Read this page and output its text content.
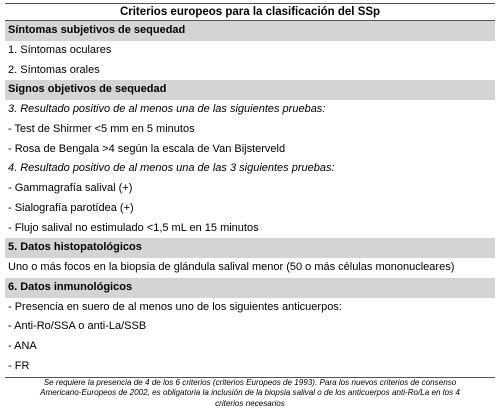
Criterios europeos para la clasificación del SSp
Síntomas subjetivos de sequedad
1. Síntomas oculares
2. Síntomas orales
Signos objetivos de sequedad
3. Resultado positivo de al menos una de las siguientes pruebas:
- Test de Shirmer <5 mm en 5 minutos
- Rosa de Bengala >4 según la escala de Van Bijsterveld
4. Resultado positivo de al menos una de las 3 siguientes pruebas:
- Gammagrafía salival (+)
- Sialografía parotídea (+)
- Flujo salival no estimulado <1,5 mL en 15 minutos
5. Datos histopatológicos
Uno o más focos en la biopsia de glándula salival menor (50 o más células mononucleares)
6. Datos inmunológicos
- Presencia en suero de al menos uno de los siguientes anticuerpos:
- Anti-Ro/SSA o anti-La/SSB
- ANA
- FR
Se requiere la presencia de 4 de los 6 criterios (criterios Europeos de 1993). Para los nuevos criterios de consenso
Americano-Europeos de 2002, es obligatoria la inclusión de la biopsia salival o de los anticuerpos anti-Ro/La en los 4
criterios necesarios
